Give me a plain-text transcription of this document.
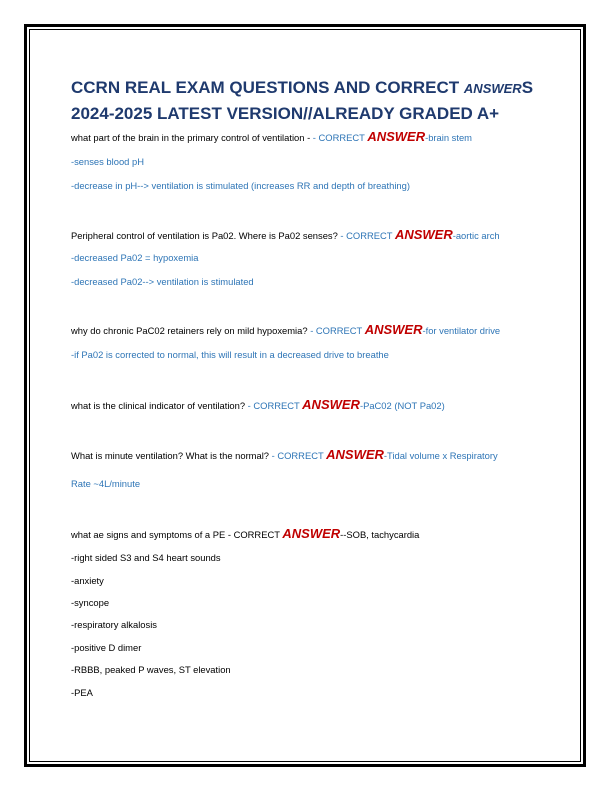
CCRN REAL EXAM QUESTIONS AND CORRECT ANSWERS
2024-2025 LATEST VERSION//ALREADY GRADED A+
what part of the brain in the primary control of ventilation - - CORRECT ANSWER-brain stem
-senses blood pH
-decrease in pH--> ventilation is stimulated (increases RR and depth of breathing)
Peripheral control of ventilation is Pa02. Where is Pa02 senses? - CORRECT ANSWER-aortic arch
-decreased Pa02 = hypoxemia
-decreased Pa02--> ventilation is stimulated
why do chronic PaC02 retainers rely on mild hypoxemia? - CORRECT ANSWER-for ventilator drive
-if Pa02 is corrected to normal, this will result in a decreased drive to breathe
what is the clinical indicator of ventilation? - CORRECT ANSWER-PaC02 (NOT Pa02)
What is minute ventilation? What is the normal? - CORRECT ANSWER-Tidal volume x Respiratory
Rate ~4L/minute
what ae signs and symptoms of a PE - CORRECT ANSWER--SOB, tachycardia
-right sided S3 and S4 heart sounds
-anxiety
-syncope
-respiratory alkalosis
-positive D dimer
-RBBB, peaked P waves, ST elevation
-PEA
